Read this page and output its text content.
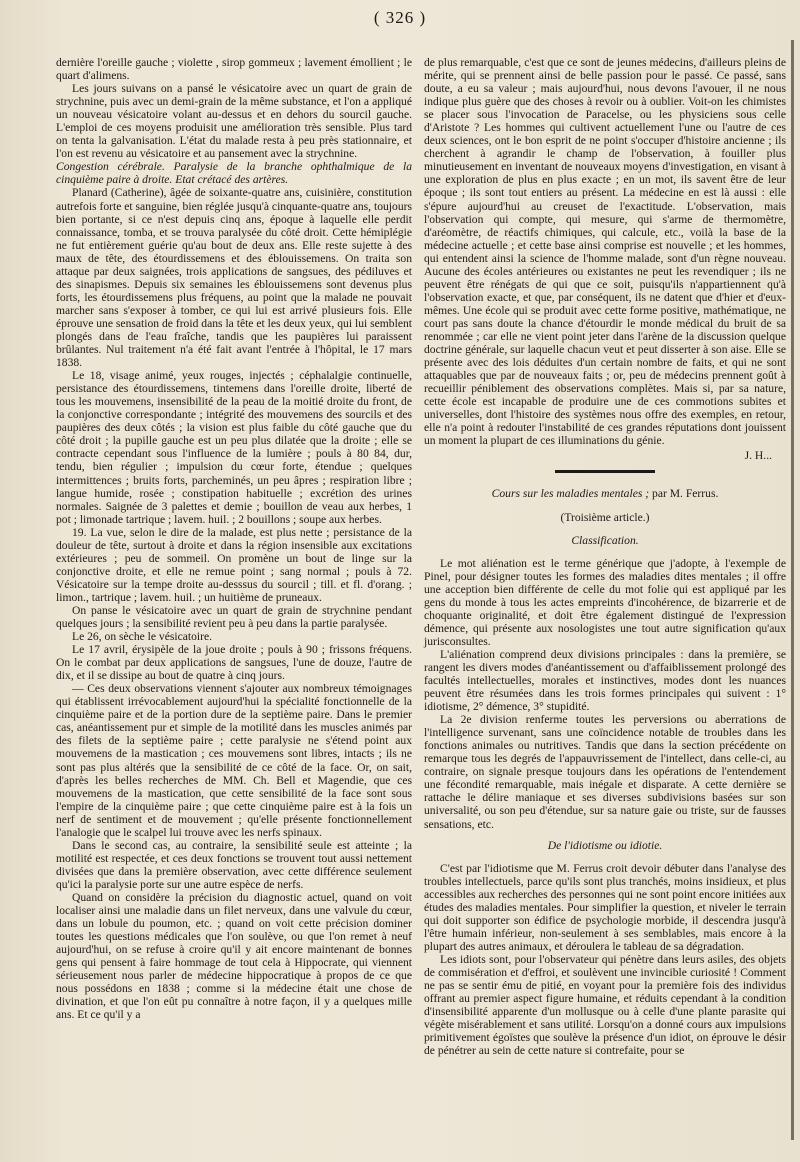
( 326 )

dernière l'oreille gauche ; violette , sirop gommeux ; lavement émollient ; le quart d'alimens.

Les jours suivans on a pansé le vésicatoire avec un quart de grain de strychnine, puis avec un demi-grain de la même substance, et l'on a appliqué un nouveau vésicatoire volant au-dessus et en dehors du sourcil gauche. L'emploi de ces moyens produisit une amélioration très sensible. Plus tard on tenta la galvanisation. L'état du malade resta à peu près stationnaire, et l'on est revenu au vésicatoire et au pansement avec la strychnine.

Congestion cérébrale. Paralysie de la branche ophthalmique de la cinquième paire à droite. Etat crétacé des artères.

Planard (Catherine), âgée de soixante-quatre ans, cuisinière, constitution autrefois forte et sanguine, bien réglée jusqu'à cinquante-quatre ans, toujours bien portante, si ce n'est depuis cinq ans, époque à laquelle elle perdit connaissance, tomba, et se trouva paralysée du côté droit. Cette hémiplégie ne fut entièrement guérie qu'au bout de deux ans. Elle reste sujette à des maux de tête, des étourdissemens et des éblouissemens. On traita son attaque par deux saignées, trois applications de sangsues, des pédiluves et des sinapismes. Depuis six semaines les éblouissemens sont devenus plus forts, les étourdissemens plus fréquens, au point que la malade ne pouvait marcher sans s'exposer à tomber, ce qui lui est arrivé plusieurs fois. Elle éprouve une sensation de froid dans la tête et les deux yeux, qui lui semblent plongés dans de l'eau fraîche, tandis que les paupières lui paraissent brûlantes. Nul traitement n'a été fait avant l'entrée à l'hôpital, le 17 mars 1838.

Le 18, visage animé, yeux rouges, injectés ; céphalalgie continuelle, persistance des étourdissemens, tintemens dans l'oreille droite, liberté de tous les mouvemens, insensibilité de la peau de la moitié droite du front, de la conjonctive correspondante ; intégrité des mouvemens des sourcils et des paupières des deux côtés ; la vision est plus faible du côté gauche que du côté droit ; la pupille gauche est un peu plus dilatée que la droite ; elle se contracte cependant sous l'influence de la lumière ; pouls à 80 84, dur, tendu, bien régulier ; impulsion du cœur forte, étendue ; quelques intermittences ; bruits forts, parcheminés, un peu âpres ; respiration libre ; langue humide, rosée ; constipation habituelle ; excrétion des urines normales. Saignée de 3 palettes et demie ; bouillon de veau aux herbes, 1 pot ; limonade tartrique ; lavem. huil. ; 2 bouillons ; soupe aux herbes.

19. La vue, selon le dire de la malade, est plus nette ; persistance de la douleur de tête, surtout à droite et dans la région insensible aux excitations extérieures ; peu de sommeil. On promène un bout de linge sur la conjonctive droite, et elle ne remue point ; sang normal ; pouls à 72. Vésicatoire sur la tempe droite au-desssus du sourcil ; till. et fl. d'orang. ; limon., tartrique ; lavem. huil. ; un huitième de pruneaux.

On panse le vésicatoire avec un quart de grain de strychnine pendant quelques jours ; la sensibilité revient peu à peu dans la partie paralysée.

Le 26, on sèche le vésicatoire.

Le 17 avril, érysipèle de la joue droite ; pouls à 90 ; frissons fréquens. On le combat par deux applications de sangsues, l'une de douze, l'autre de dix, et il se dissipe au bout de quatre à cinq jours.

— Ces deux observations viennent s'ajouter aux nombreux témoignages qui établissent irrévocablement aujourd'hui la spécialité fonctionnelle de la cinquième paire et de la portion dure de la septième paire. Dans le premier cas, anéantissement pur et simple de la motilité dans les muscles animés par des filets de la septième paire ; cette paralysie ne s'étend point aux mouvemens de la mastication ; ces mouvemens sont libres, intacts ; ils ne sont pas plus altérés que la sensibilité de ce côté de la face. Or, on sait, d'après les belles recherches de MM. Ch. Bell et Magendie, que ces mouvemens de la mastication, que cette sensibilité de la face sont sous l'empire de la cinquième paire ; que cette cinquième paire est à la fois un nerf de sentiment et de mouvement ; qu'elle présente fonctionnellement l'analogie que le scalpel lui trouve avec les nerfs spinaux.

Dans le second cas, au contraire, la sensibilité seule est atteinte ; la motilité est respectée, et ces deux fonctions se trouvent tout aussi nettement divisées que dans la première observation, avec cette différence seulement qu'ici la paralysie porte sur une autre espèce de nerfs.

Quand on considère la précision du diagnostic actuel, quand on voit localiser ainsi une maladie dans un filet nerveux, dans une valvule du cœur, dans un lobule du poumon, etc. ; quand on voit cette précision dominer toutes les questions médicales que l'on soulève, ou que l'on remet à neuf aujourd'hui, on se refuse à croire qu'il y ait encore maintenant de bonnes gens qui pensent à faire hommage de tout cela à Hippocrate, qui viennent sérieusement nous parler de médecine hippocratique à propos de ce que nous possédons en 1838 ; comme si la médecine était une chose de divination, et que l'on eût pu connaître à notre façon, il y a quelques mille ans. Et ce qu'il y a

de plus remarquable, c'est que ce sont de jeunes médecins, d'ailleurs pleins de mérite, qui se prennent ainsi de belle passion pour le passé. Ce passé, sans doute, a eu sa valeur ; mais aujourd'hui, nous devons l'avouer, il ne nous indique plus guère que des choses à revoir ou à oublier. Voit-on les chimistes se placer sous l'invocation de Paracelse, ou les physiciens sous celle d'Aristote ? Les hommes qui cultivent actuellement l'une ou l'autre de ces deux sciences, ont le bon esprit de ne point s'occuper d'histoire ancienne ; ils cherchent à agrandir le champ de l'observation, à fouiller plus minutieusement en inventant de nouveaux moyens d'investigation, en visant à une exploration de plus en plus exacte ; en un mot, ils savent être de leur époque ; ils sont tout entiers au présent. La médecine en est là aussi : elle s'épure aujourd'hui au creuset de l'exactitude. L'observation, mais l'observation qui compte, qui mesure, qui s'arme de thermomètre, d'aréomètre, de réactifs chimiques, qui calcule, etc., voilà la base de la médecine actuelle ; et cette base ainsi comprise est nouvelle ; et les hommes, qui entendent ainsi la science de l'homme malade, sont d'un règne nouveau. Aucune des écoles antérieures ou existantes ne peut les revendiquer ; ils ne peuvent être rénégats de qui que ce soit, puisqu'ils n'appartiennent qu'à l'observation exacte, et que, par conséquent, ils ne datent que d'hier et d'eux-mêmes. Une école qui se produit avec cette forme positive, mathématique, ne court pas sans doute la chance d'étourdir le monde médical du bruit de sa renommée ; car elle ne vient point jeter dans l'arène de la discussion quelque doctrine générale, sur laquelle chacun veut et peut disserter à son aise. Elle se présente avec des lois déduites d'un certain nombre de faits, et qui ne sont attaquables que par de nouveaux faits ; or, peu de médecins prennent goût à recueillir péniblement des observations complètes. Mais si, par sa nature, cette école est incapable de produire une de ces commotions subites et universelles, dont l'histoire des systèmes nous offre des exemples, en retour, elle n'a point à redouter l'instabilité de ces grandes réputations dont jouissent un moment la plupart de ces illuminations du génie.

J. H...
Cours sur les maladies mentales ; par M. Ferrus.
(Troisième article.)
Classification.

Le mot aliénation est le terme générique que j'adopte, à l'exemple de Pinel, pour désigner toutes les formes des maladies dites mentales ; il offre une acception bien différente de celle du mot folie qui est appliqué par les gens du monde à tous les actes empreints d'incohérence, de bizarrerie et de choquante originalité, et doit être également distingué de l'expression démence, qui présente aux nosologistes une tout autre signification qu'aux jurisconsultes.

L'aliénation comprend deux divisions principales : dans la première, se rangent les divers modes d'anéantissement ou d'affaiblissement prolongé des facultés intellectuelles, morales et instinctives, modes dont les nuances peuvent être résumées dans les trois formes principales qui suivent : 1° idiotisme, 2° démence, 3° stupidité.

La 2e division renferme toutes les perversions ou aberrations de l'intelligence survenant, sans une coïncidence notable de troubles dans les fonctions animales ou nutritives. Tandis que dans la section précédente on remarque tous les degrés de l'appauvrissement de l'intellect, dans celle-ci, au contraire, on signale presque toujours dans les opérations de l'entendement une fécondité remarquable, mais inégale et disparate. A cette dernière se rattache le délire maniaque et ses diverses subdivisions basées sur son universalité, ou son peu d'étendue, sur sa nature gaie ou triste, sur de fausses sensations, etc.

De l'idiotisme ou idiotie.

C'est par l'idiotisme que M. Ferrus croit devoir débuter dans l'analyse des troubles intellectuels, parce qu'ils sont plus tranchés, moins insidieux, et plus accessibles aux recherches des personnes qui ne sont point encore initiées aux études des maladies mentales. Pour simplifier la question, et niveler le terrain qui doit supporter son édifice de psychologie morbide, il descendra jusqu'à l'être humain inférieur, non-seulement à ses semblables, mais encore à la plupart des autres animaux, et déroulera le tableau de sa dégradation.

Les idiots sont, pour l'observateur qui pénètre dans leurs asiles, des objets de commisération et d'effroi, et soulèvent une invincible curiosité ! Comment ne pas se sentir ému de pitié, en voyant pour la première fois des individus offrant au premier aspect figure humaine, et réduits cependant à la condition d'insensibilité apparente d'un mollusque ou à celle d'une plante parasite qui végète misérablement et sans utilité. Lorsqu'on a donné cours aux impulsions primitivement égoïstes que soulève la présence d'un idiot, on éprouve le désir de pénétrer au sein de cette nature si contrefaite, pour se
